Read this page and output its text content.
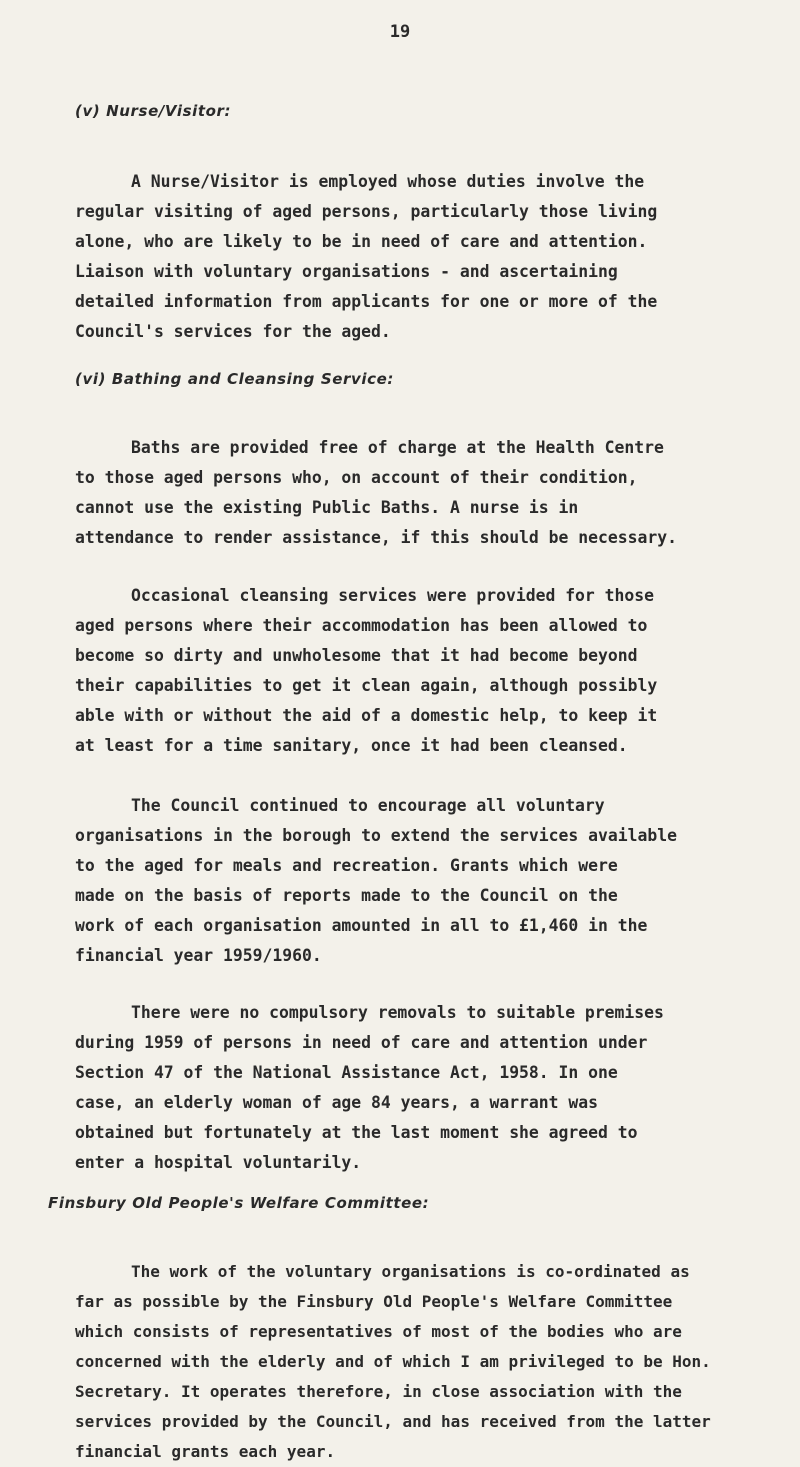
19
(v) Nurse/Visitor:
A Nurse/Visitor is employed whose duties involve the
regular visiting of aged persons, particularly those living
alone, who are likely to be in need of care and attention.
Liaison with voluntary organisations - and ascertaining
detailed information from applicants for one or more of the
Council's services for the aged.
(vi) Bathing and Cleansing Service:
Baths are provided free of charge at the Health Centre
to those aged persons who, on account of their condition,
cannot use the existing Public Baths. A nurse is in
attendance to render assistance, if this should be necessary.
Occasional cleansing services were provided for those
aged persons where their accommodation has been allowed to
become so dirty and unwholesome that it had become beyond
their capabilities to get it clean again, although possibly
able with or without the aid of a domestic help, to keep it
at least for a time sanitary, once it had been cleansed.
The Council continued to encourage all voluntary
organisations in the borough to extend the services available
to the aged for meals and recreation. Grants which were
made on the basis of reports made to the Council on the
work of each organisation amounted in all to £1,460 in the
financial year 1959/1960.
There were no compulsory removals to suitable premises
during 1959 of persons in need of care and attention under
Section 47 of the National Assistance Act, 1958. In one
case, an elderly woman of age 84 years, a warrant was
obtained but fortunately at the last moment she agreed to
enter a hospital voluntarily.
Finsbury Old People's Welfare Committee:
The work of the voluntary organisations is co-ordinated as
far as possible by the Finsbury Old People's Welfare Committee
which consists of representatives of most of the bodies who are
concerned with the elderly and of which I am privileged to be Hon.
Secretary. It operates therefore, in close association with the
services provided by the Council, and has received from the latter
financial grants each year.
